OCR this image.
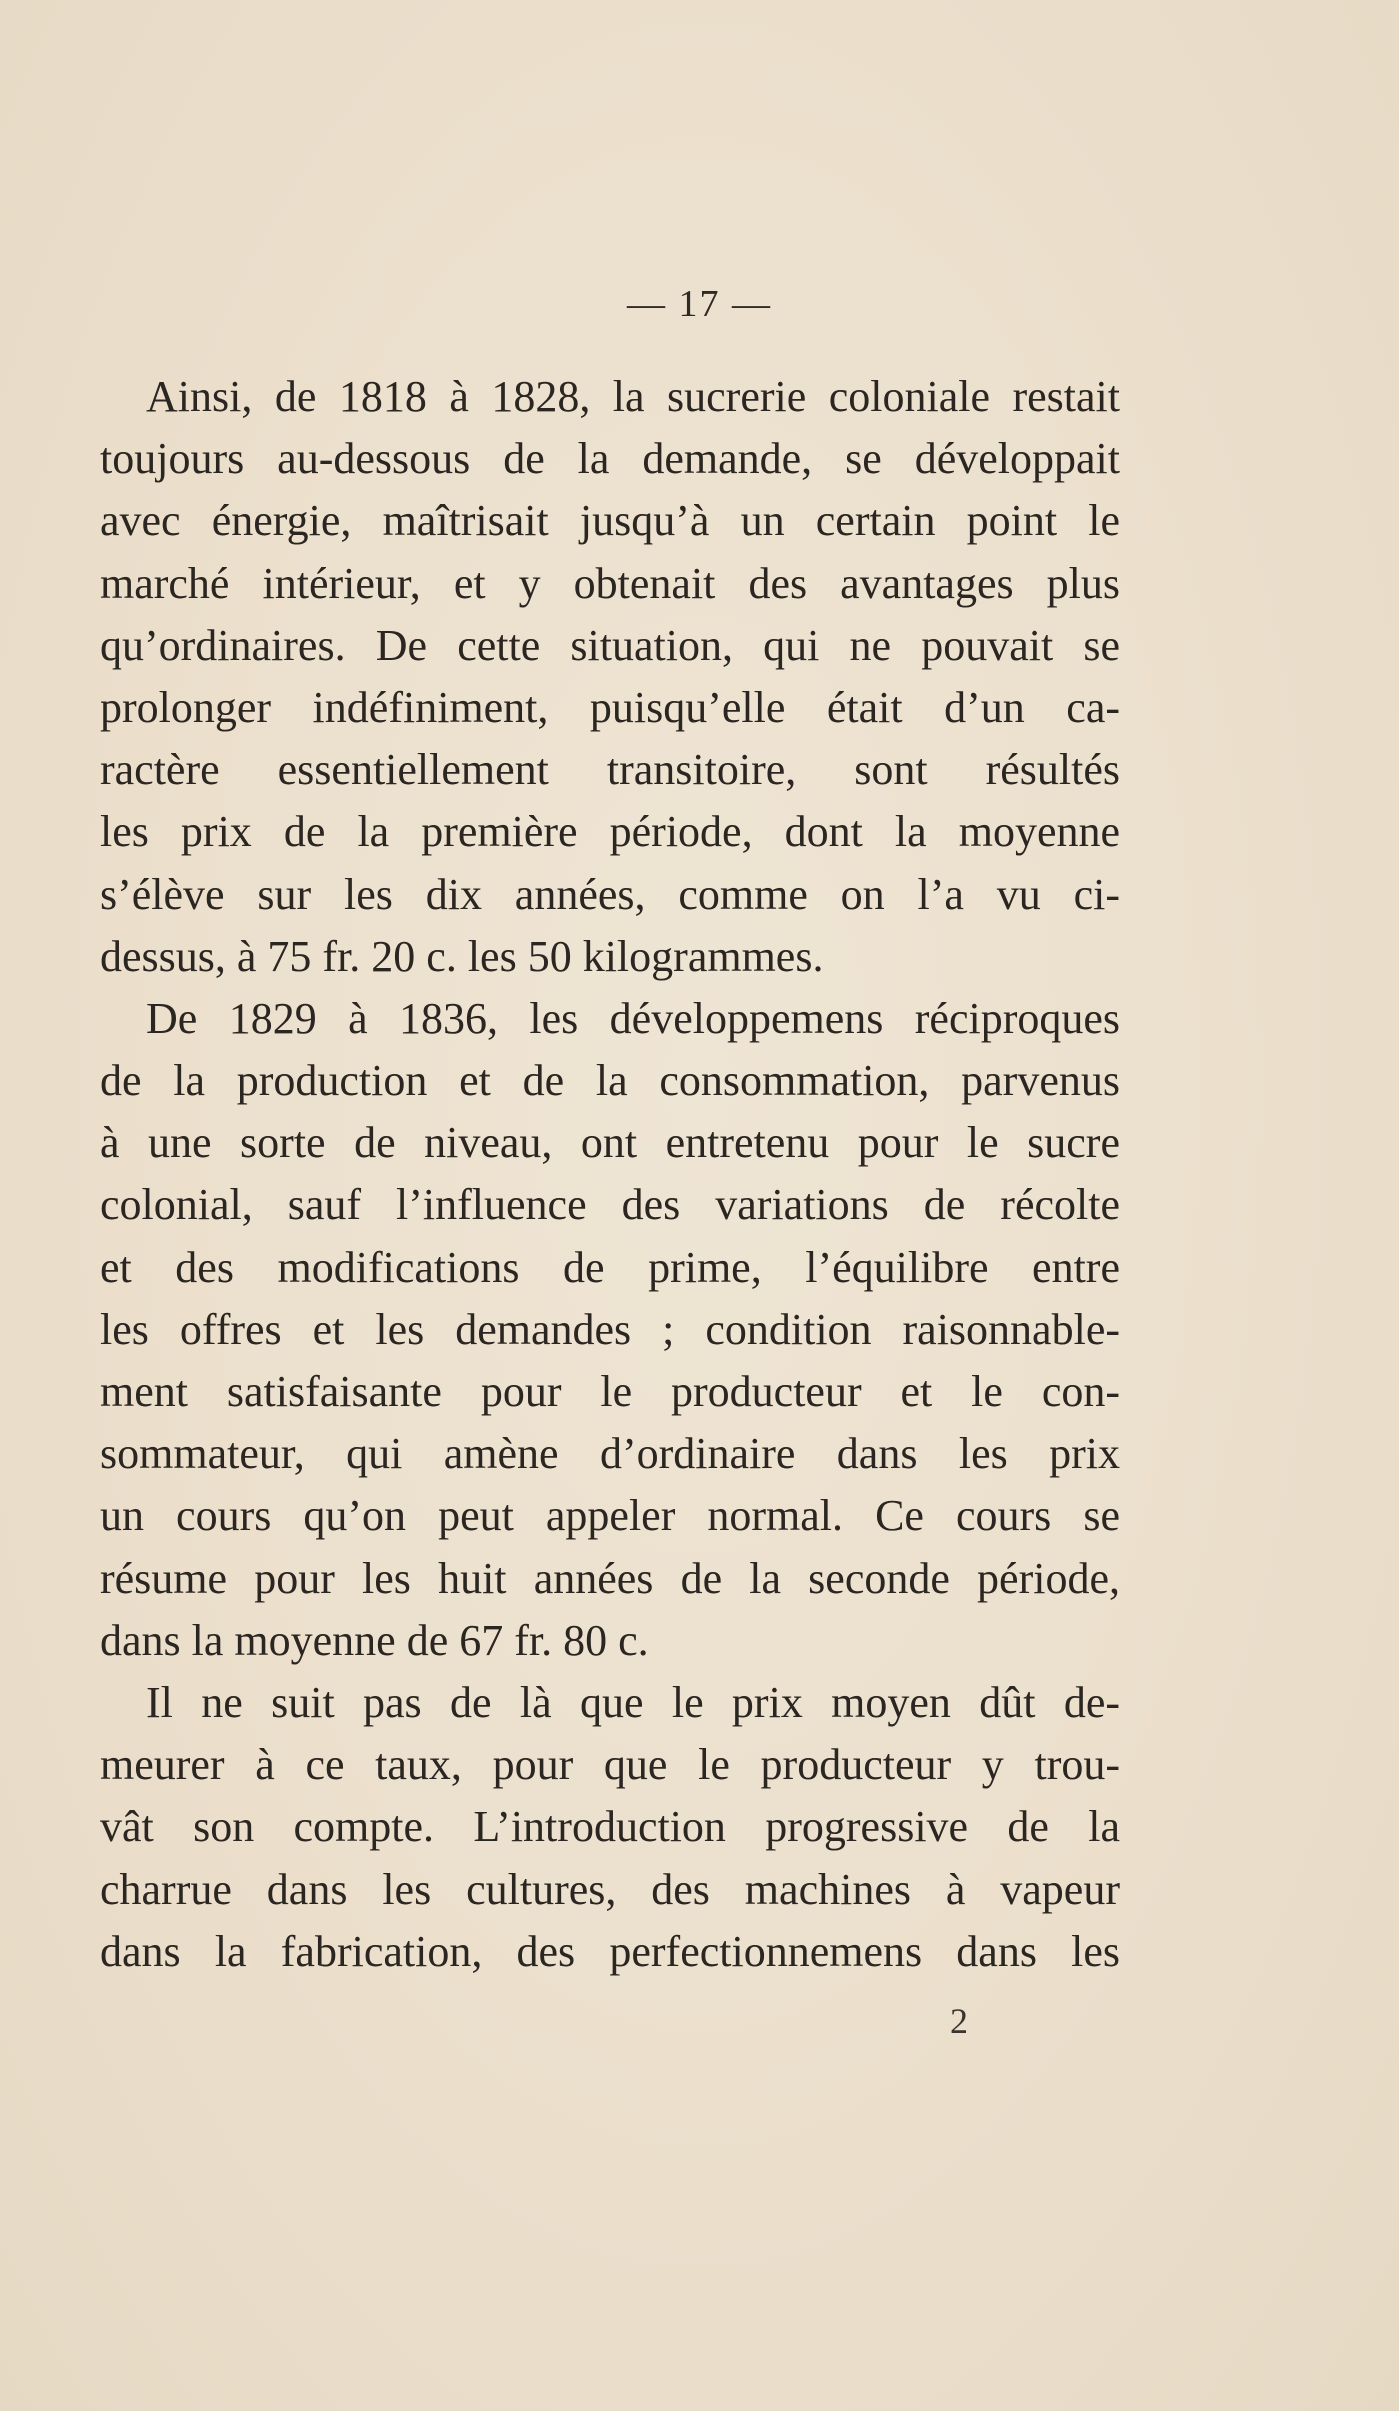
— 17 —
Ainsi, de 1818 à 1828, la sucrerie coloniale restait
toujours au-dessous de la demande, se développait
avec énergie, maîtrisait jusqu’à un certain point le
marché intérieur, et y obtenait des avantages plus
qu’ordinaires. De cette situation, qui ne pouvait se
prolonger indéfiniment, puisqu’elle était d’un ca-
ractère essentiellement transitoire, sont résultés
les prix de la première période, dont la moyenne
s’élève sur les dix années, comme on l’a vu ci-
dessus, à 75 fr. 20 c. les 50 kilogrammes.
De 1829 à 1836, les développemens réciproques
de la production et de la consommation, parvenus
à une sorte de niveau, ont entretenu pour le sucre
colonial, sauf l’influence des variations de récolte
et des modifications de prime, l’équilibre entre
les offres et les demandes ; condition raisonnable-
ment satisfaisante pour le producteur et le con-
sommateur, qui amène d’ordinaire dans les prix
un cours qu’on peut appeler normal. Ce cours se
résume pour les huit années de la seconde période,
dans la moyenne de 67 fr. 80 c.
Il ne suit pas de là que le prix moyen dût de-
meurer à ce taux, pour que le producteur y trou-
vât son compte. L’introduction progressive de la
charrue dans les cultures, des machines à vapeur
dans la fabrication, des perfectionnemens dans les
2
